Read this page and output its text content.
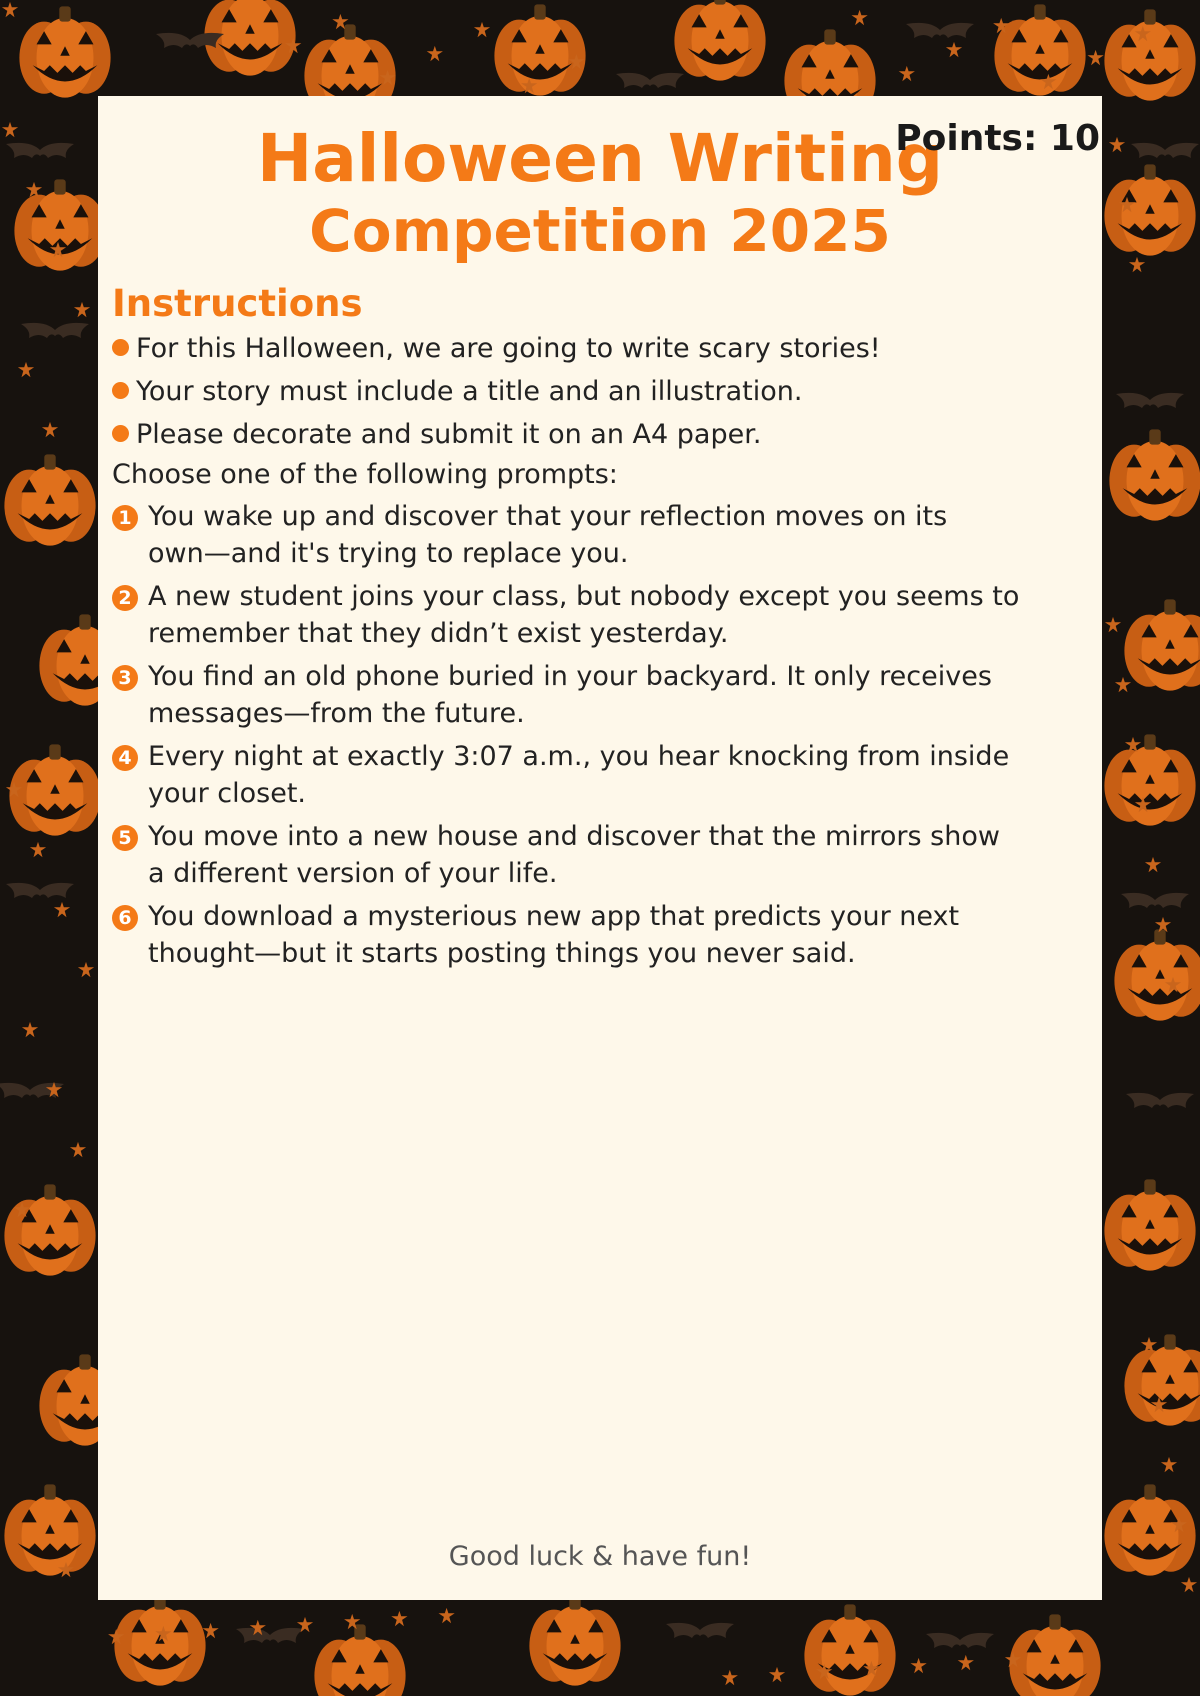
Halloween Writing
Competition 2025
Points: 10
Instructions
For this Halloween, we are going to write scary stories!
Your story must include a title and an illustration.
Please decorate and submit it on an A4 paper.
Choose one of the following prompts:
1 You wake up and discover that your reflection moves on its
own—and it's trying to replace you.
2 A new student joins your class, but nobody except you seems to
remember that they didn’t exist yesterday.
3 You find an old phone buried in your backyard. It only receives
messages—from the future.
4 Every night at exactly 3:07 a.m., you hear knocking from inside
your closet.
5 You move into a new house and discover that the mirrors show
a different version of your life.
6 You download a mysterious new app that predicts your next
thought—but it starts posting things you never said.
Good luck & have fun!
